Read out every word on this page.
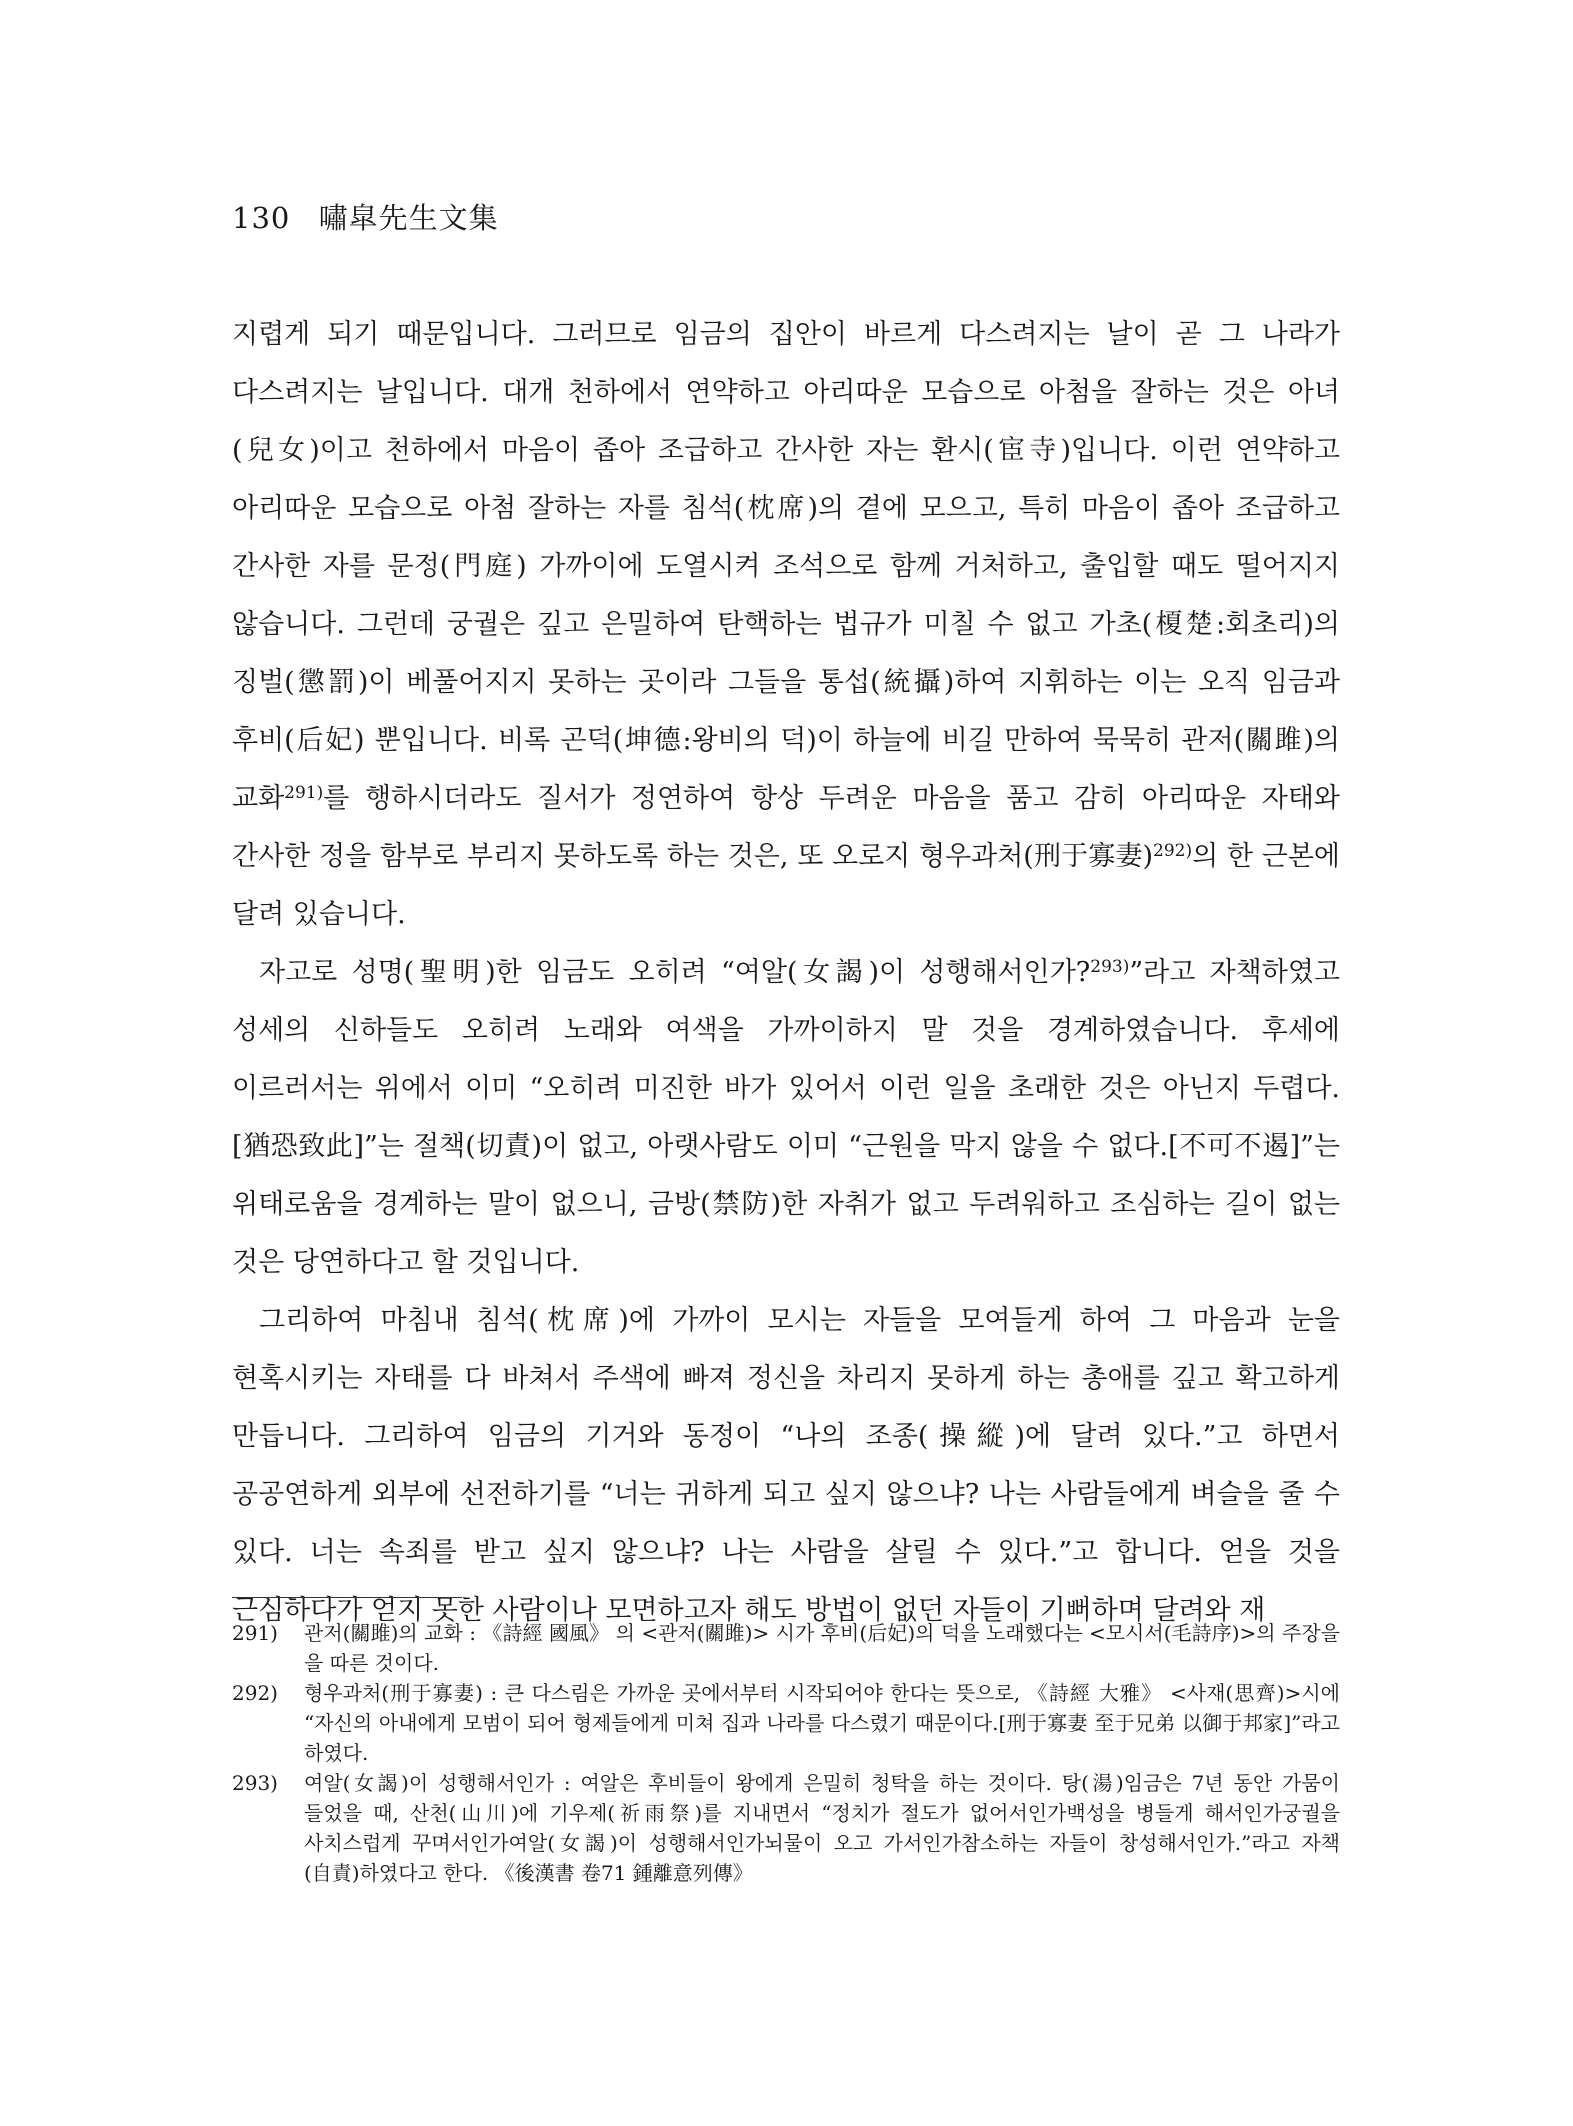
130 嘯皐先生文集

지렵게 되기 때문입니다. 그러므로 임금의 집안이 바르게 다스려지는 날이 곧 그 나라가 다스려지는 날입니다. 대개 천하에서 연약하고 아리따운 모습으로 아첨을 잘하는 것은 아녀(兒女)이고 천하에서 마음이 좁아 조급하고 간사한 자는 환시(宦寺)입니다. 이런 연약하고 아리따운 모습으로 아첨 잘하는 자를 침석(枕席)의 곁에 모으고, 특히 마음이 좁아 조급하고 간사한 자를 문정(門庭) 가까이에 도열시켜 조석으로 함께 거처하고, 출입할 때도 떨어지지 않습니다. 그런데 궁궐은 깊고 은밀하여 탄핵하는 법규가 미칠 수 없고 가초(榎楚:회초리)의 징벌(懲罰)이 베풀어지지 못하는 곳이라 그들을 통섭(統攝)하여 지휘하는 이는 오직 임금과 후비(后妃) 뿐입니다. 비록 곤덕(坤德:왕비의 덕)이 하늘에 비길 만하여 묵묵히 관저(關雎)의 교화$^{291)}$를 행하시더라도 질서가 정연하여 항상 두려운 마음을 품고 감히 아리따운 자태와 간사한 정을 함부로 부리지 못하도록 하는 것은, 또 오로지 형우과처(刑于寡妻)$^{292)}$의 한 근본에 달려 있습니다.

자고로 성명(聖明)한 임금도 오히려 “여알(女謁)이 성행해서인가?$^{293)}$”라고 자책하였고 성세의 신하들도 오히려 노래와 여색을 가까이하지 말 것을 경계하였습니다. 후세에 이르러서는 위에서 이미 “오히려 미진한 바가 있어서 이런 일을 초래한 것은 아닌지 두렵다.[猶恐致此]”는 절책(切責)이 없고, 아랫사람도 이미 “근원을 막지 않을 수 없다.[不可不遏]”는 위태로움을 경계하는 말이 없으니, 금방(禁防)한 자취가 없고 두려워하고 조심하는 길이 없는 것은 당연하다고 할 것입니다.

그리하여 마침내 침석(枕席)에 가까이 모시는 자들을 모여들게 하여 그 마음과 눈을 현혹시키는 자태를 다 바쳐서 주색에 빠져 정신을 차리지 못하게 하는 총애를 깊고 확고하게 만듭니다. 그리하여 임금의 기거와 동정이 “나의 조종(操縱)에 달려 있다.”고 하면서 공공연하게 외부에 선전하기를 “너는 귀하게 되고 싶지 않으냐? 나는 사람들에게 벼슬을 줄 수 있다. 너는 속죄를 받고 싶지 않으냐? 나는 사람을 살릴 수 있다.”고 합니다. 얻을 것을 근심하다가 얻지 못한 사람이나 모면하고자 해도 방법이 없던 자들이 기뻐하며 달려와 재

291)	관저(關雎)의 교화 : 《詩經 國風》 의 <관저(關雎)> 시가 후비(后妃)의 덕을 노래했다는 <모시서(毛詩序)>의 주장을 을 따른 것이다.
292)	형우과처(刑于寡妻) : 큰 다스림은 가까운 곳에서부터 시작되어야 한다는 뜻으로, 《詩經 大雅》 <사재(思齊)>시에 “자신의 아내에게 모범이 되어 형제들에게 미쳐 집과 나라를 다스렸기 때문이다.[刑于寡妻 至于兄弟 以御于邦家]”라고 하였다.
293)	여알(女謁)이 성행해서인가 : 여알은 후비들이 왕에게 은밀히 청탁을 하는 것이다. 탕(湯)임금은 7년 동안 가뭄이 들었을 때, 산천(山川)에 기우제(祈雨祭)를 지내면서 “정치가 절도가 없어서인가백성을 병들게 해서인가궁궐을 사치스럽게 꾸며서인가여알(女謁)이 성행해서인가뇌물이 오고 가서인가참소하는 자들이 창성해서인가.”라고 자책(自責)하였다고 한다. 《後漢書 卷71 鍾離意列傳》
